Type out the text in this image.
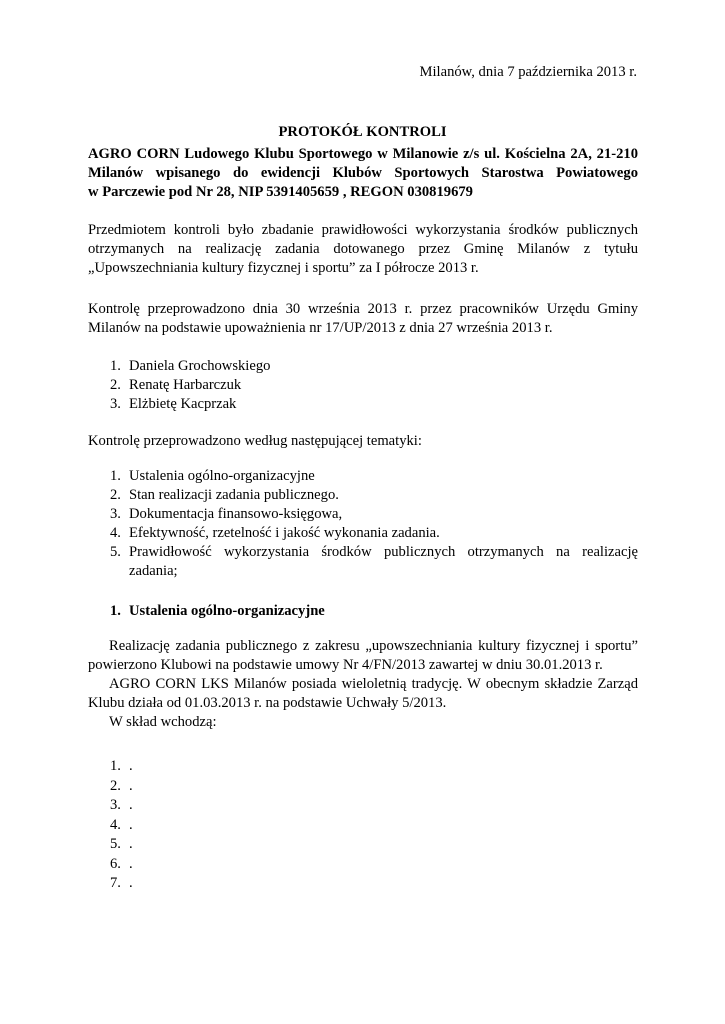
Milanów, dnia 7 października 2013 r.
PROTOKÓŁ KONTROLI
AGRO CORN Ludowego Klubu Sportowego w Milanowie z/s ul. Kościelna 2A, 21-210
Milanów wpisanego do ewidencji Klubów Sportowych Starostwa Powiatowego
w Parczewie pod Nr 28, NIP 5391405659 , REGON 030819679
Przedmiotem kontroli było zbadanie prawidłowości wykorzystania środków publicznych
otrzymanych na realizację zadania dotowanego przez Gminę Milanów z tytułu
„Upowszechniania kultury fizycznej i sportu” za I półrocze 2013 r.
Kontrolę przeprowadzono dnia 30 września 2013 r. przez pracowników Urzędu Gminy
Milanów na podstawie upoważnienia nr 17/UP/2013 z dnia 27 września 2013 r.
1. Daniela Grochowskiego
2. Renatę Harbarczuk
3. Elżbietę Kacprzak
Kontrolę przeprowadzono według następującej tematyki:
1. Ustalenia ogólno-organizacyjne
2. Stan realizacji zadania publicznego.
3. Dokumentacja finansowo-księgowa,
4. Efektywność, rzetelność i jakość wykonania zadania.
5. Prawidłowość wykorzystania środków publicznych otrzymanych na realizację
zadania;
1. Ustalenia ogólno-organizacyjne
Realizację zadania publicznego z zakresu „upowszechniania kultury fizycznej i sportu”
powierzono Klubowi na podstawie umowy Nr 4/FN/2013 zawartej w dniu 30.01.2013 r.
AGRO CORN LKS Milanów posiada wieloletnią tradycję. W obecnym składzie Zarząd
Klubu działa od 01.03.2013 r. na podstawie Uchwały 5/2013.
W skład wchodzą:
1. .
2. .
3. .
4. .
5. .
6. .
7. .
